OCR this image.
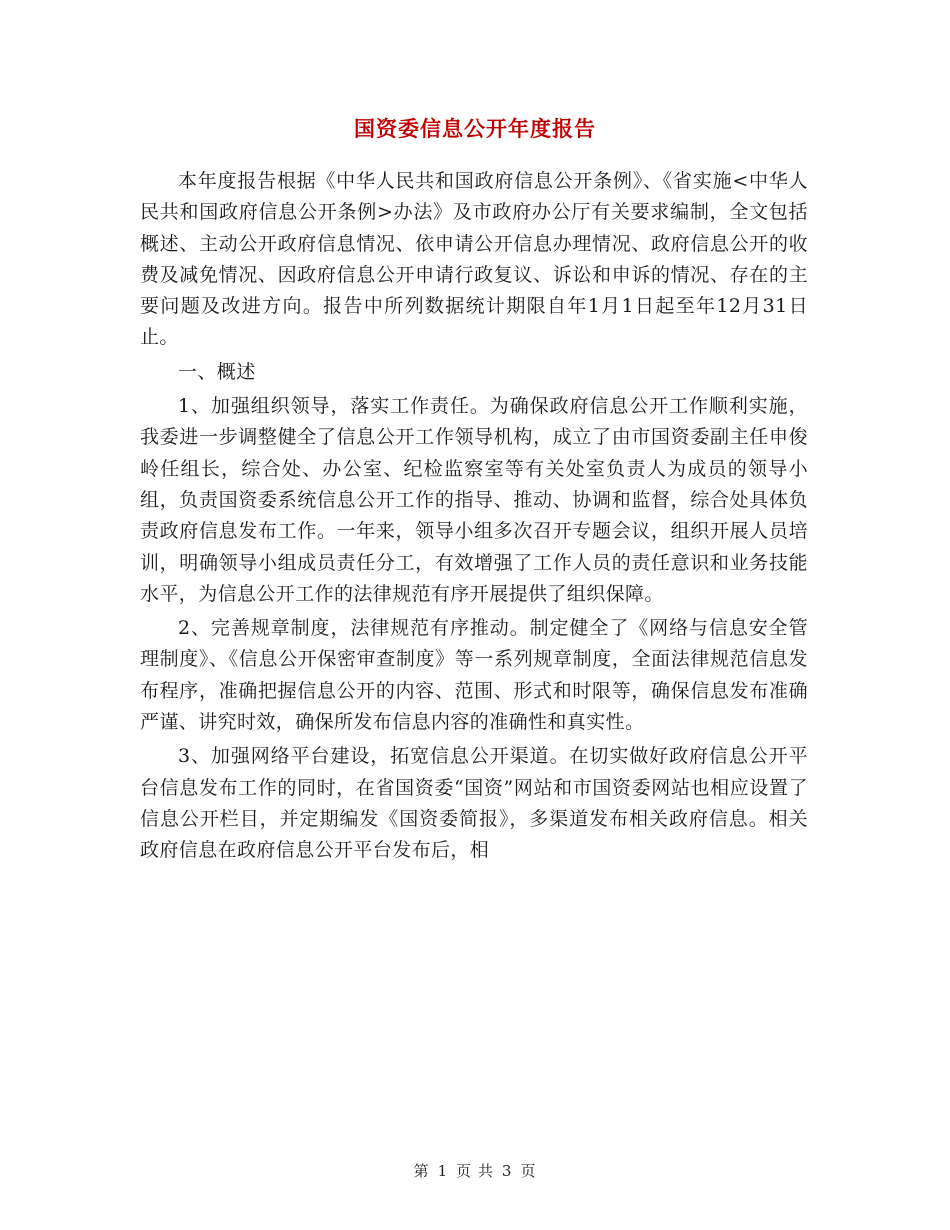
国资委信息公开年度报告

本年度报告根据《中华人民共和国政府信息公开条例》、《省实施<中华人民共和国政府信息公开条例>办法》及市政府办公厅有关要求编制，全文包括概述、主动公开政府信息情况、依申请公开信息办理情况、政府信息公开的收费及减免情况、因政府信息公开申请行政复议、诉讼和申诉的情况、存在的主要问题及改进方向。报告中所列数据统计期限自年1月1日起至年12月31日止。

一、概述

1、加强组织领导，落实工作责任。为确保政府信息公开工作顺利实施，我委进一步调整健全了信息公开工作领导机构，成立了由市国资委副主任申俊岭任组长，综合处、办公室、纪检监察室等有关处室负责人为成员的领导小组，负责国资委系统信息公开工作的指导、推动、协调和监督，综合处具体负责政府信息发布工作。一年来，领导小组多次召开专题会议，组织开展人员培训，明确领导小组成员责任分工，有效增强了工作人员的责任意识和业务技能水平，为信息公开工作的法律规范有序开展提供了组织保障。

2、完善规章制度，法律规范有序推动。制定健全了《网络与信息安全管理制度》、《信息公开保密审查制度》等一系列规章制度，全面法律规范信息发布程序，准确把握信息公开的内容、范围、形式和时限等，确保信息发布准确严谨、讲究时效，确保所发布信息内容的准确性和真实性。

3、加强网络平台建设，拓宽信息公开渠道。在切实做好政府信息公开平台信息发布工作的同时，在省国资委“国资”网站和市国资委网站也相应设置了信息公开栏目，并定期编发《国资委简报》，多渠道发布相关政府信息。相关政府信息在政府信息公开平台发布后，相

第 1 页 共 3 页
